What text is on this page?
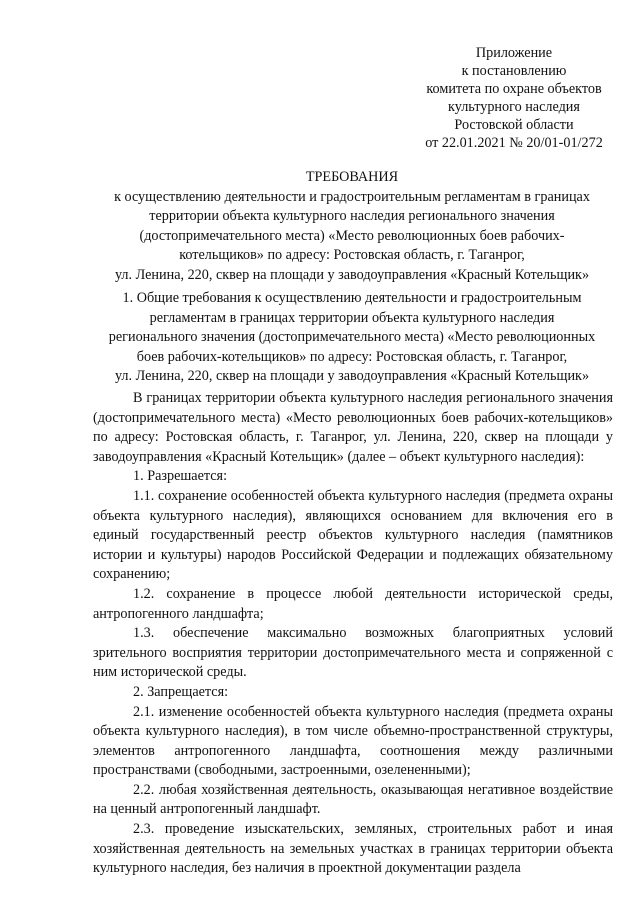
Приложение
к постановлению
комитета по охране объектов
культурного наследия
Ростовской области
от 22.01.2021 № 20/01-01/272
ТРЕБОВАНИЯ
к осуществлению деятельности и градостроительным регламентам в границах
территории объекта культурного наследия регионального значения
(достопримечательного места) «Место революционных боев рабочих-
котельщиков» по адресу: Ростовская область, г. Таганрог,
ул. Ленина, 220, сквер на площади у заводоуправления «Красный Котельщик»
1. Общие требования к осуществлению деятельности и градостроительным
регламентам в границах территории объекта культурного наследия
регионального значения (достопримечательного места) «Место революционных
боев рабочих-котельщиков» по адресу: Ростовская область, г. Таганрог,
ул. Ленина, 220, сквер на площади у заводоуправления «Красный Котельщик»

В границах территории объекта культурного наследия регионального значения (достопримечательного места) «Место революционных боев рабочих-котельщиков» по адресу: Ростовская область, г. Таганрог, ул. Ленина, 220, сквер на площади у заводоуправления «Красный Котельщик» (далее – объект культурного наследия):

1. Разрешается:

1.1. сохранение особенностей объекта культурного наследия (предмета охраны объекта культурного наследия), являющихся основанием для включения его в единый государственный реестр объектов культурного наследия (памятников истории и культуры) народов Российской Федерации и подлежащих обязательному сохранению;

1.2. сохранение в процессе любой деятельности исторической среды, антропогенного ландшафта;

1.3. обеспечение максимально возможных благоприятных условий зрительного восприятия территории достопримечательного места и сопряженной с ним исторической среды.

2. Запрещается:

2.1. изменение особенностей объекта культурного наследия (предмета охраны объекта культурного наследия), в том числе объемно-пространственной структуры, элементов антропогенного ландшафта, соотношения между различными пространствами (свободными, застроенными, озелененными);

2.2. любая хозяйственная деятельность, оказывающая негативное воздействие на ценный антропогенный ландшафт.

2.3. проведение изыскательских, земляных, строительных работ и иная хозяйственная деятельность на земельных участках в границах территории объекта культурного наследия, без наличия в проектной документации раздела
